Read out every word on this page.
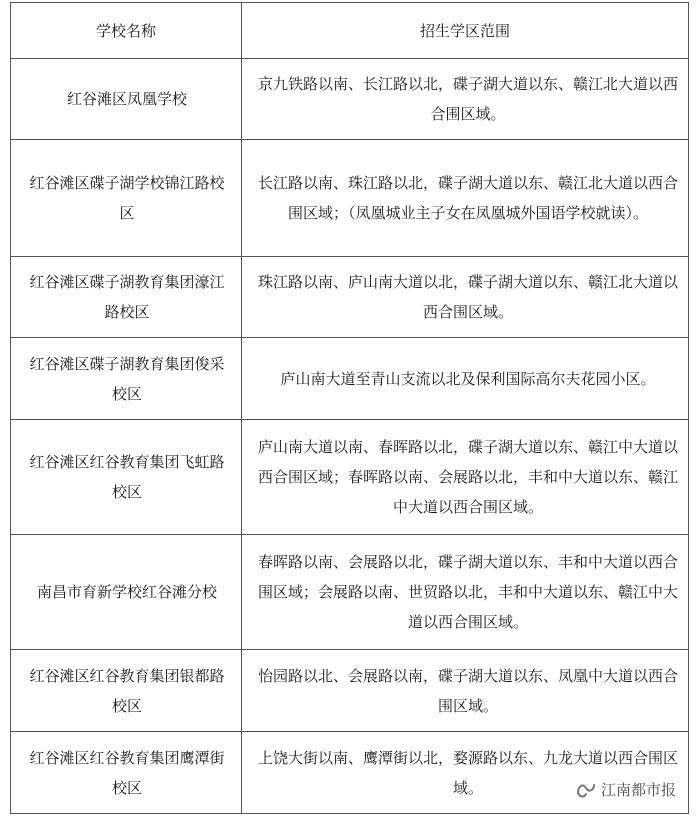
学校名称	招生学区范围
红谷滩区凤凰学校	京九铁路以南、长江路以北，碟子湖大道以东、赣江北大道以西合围区域。
红谷滩区碟子湖学校锦江路校区	长江路以南、珠江路以北，碟子湖大道以东、赣江北大道以西合围区域；（凤凰城业主子女在凤凰城外国语学校就读）。
红谷滩区碟子湖教育集团濠江路校区	珠江路以南、庐山南大道以北，碟子湖大道以东、赣江北大道以西合围区域。
红谷滩区碟子湖教育集团俊采校区	庐山南大道至青山支流以北及保利国际高尔夫花园小区。
红谷滩区红谷教育集团飞虹路校区	庐山南大道以南、春晖路以北，碟子湖大道以东、赣江中大道以西合围区域；春晖路以南、会展路以北，丰和中大道以东、赣江中大道以西合围区域。
南昌市育新学校红谷滩分校	春晖路以南、会展路以北，碟子湖大道以东、丰和中大道以西合围区域；会展路以南、世贸路以北，丰和中大道以东、赣江中大道以西合围区域。
红谷滩区红谷教育集团银都路校区	怡园路以北、会展路以南，碟子湖大道以东、凤凰中大道以西合围区域。
红谷滩区红谷教育集团鹰潭街校区	上饶大街以南、鹰潭街以北，婺源路以东、九龙大道以西合围区域。	江南都市报
